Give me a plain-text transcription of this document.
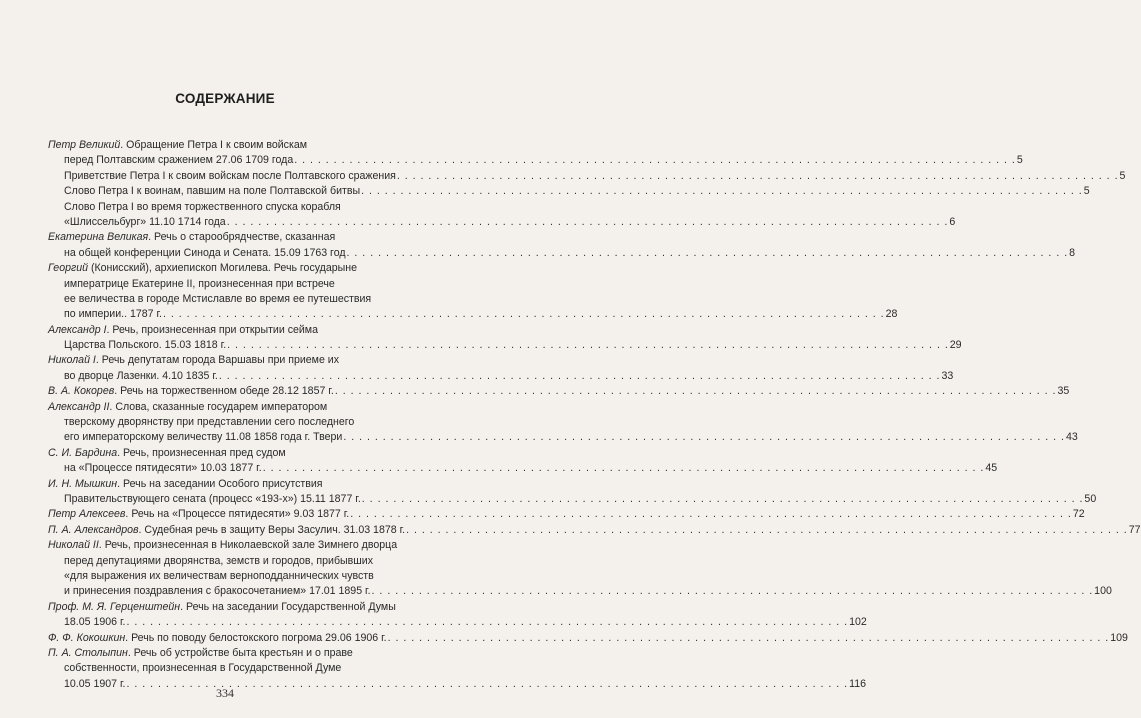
СОДЕРЖАНИЕ
Петр Великий. Обращение Петра I к своим войскам
перед Полтавским сражением 27.06 1709 года . . .	5
Приветствие Петра I к своим войскам после Полтавского сражения . . .	5
Слово Петра I к воинам, павшим на поле Полтавской битвы . . .	5
Слово Петра I во время торжественного спуска корабля
«Шлиссельбург» 11.10 1714 года . . .	6
Екатерина Великая. Речь о старообрядчестве, сказанная
на общей конференции Синода и Сената. 15.09 1763 год . . .	8
Георгий (Конисский), архиепископ Могилева. Речь государыне
императрице Екатерине II, произнесенная при встрече
ее величества в городе Мстиславле во время ее путешествия
по империи.. 1787 г. . . .	28
Александр I. Речь, произнесенная при открытии сейма
Царства Польского. 15.03 1818 г. . . .	29
Николай I. Речь депутатам города Варшавы при приеме их
во дворце Лазенки. 4.10 1835 г. . . .	33
В. А. Кокорев. Речь на торжественном обеде 28.12 1857 г. . . .	35
Александр II. Слова, сказанные государем императором
тверскому дворянству при представлении сего последнего
его императорскому величеству 11.08 1858 года г. Твери . . .	43
С. И. Бардина. Речь, произнесенная пред судом
на «Процессе пятидесяти» 10.03 1877 г. . . .	45
И. Н. Мышкин. Речь на заседании Особого присутствия
Правительствующего сената (процесс «193-х») 15.11 1877 г. . . .	50
Петр Алексеев. Речь на «Процессе пятидесяти» 9.03 1877 г. . . .	72
П. А. Александров. Судебная речь в защиту Веры Засулич. 31.03 1878 г. . . .	77
Николай II. Речь, произнесенная в Николаевской зале Зимнего дворца
перед депутациями дворянства, земств и городов, прибывших
«для выражения их величествам верноподданнических чувств
и принесения поздравления с бракосочетанием» 17.01 1895 г. . . .	100
Проф. М. Я. Герценштейн. Речь на заседании Государственной Думы
18.05 1906 г. . . .	102
Ф. Ф. Кокошкин. Речь по поводу белостокского погрома 29.06 1906 г. . . .	109
П. А. Столыпин. Речь об устройстве быта крестьян и о праве
собственности, произнесенная в Государственной Думе
10.05 1907 г. . . .	116
334
